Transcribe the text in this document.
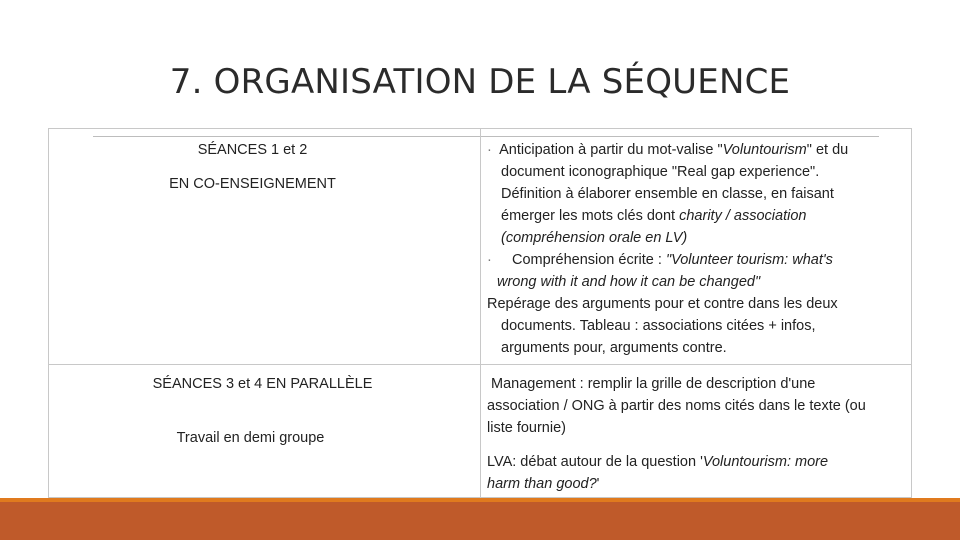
7. ORGANISATION DE LA SÉQUENCE
SÉANCES 1 et 2
EN CO-ENSEIGNEMENT

· Anticipation à partir du mot-valise "Voluntourism" et du

document iconographique "Real gap experience".

Définition à élaborer ensemble en classe, en faisant

émerger les mots clés dont charity / association

(compréhension orale en LV)

· Compréhension écrite : "Volunteer tourism: what's

wrong with it and how it can be changed"

Repérage des arguments pour et contre dans les deux

documents. Tableau : associations citées + infos,

arguments pour, arguments contre.

SÉANCES 3 et 4 EN PARALLÈLE
Travail en demi groupe

Management : remplir la grille de description d'une

association / ONG à partir des noms cités dans le texte (ou

liste fournie)

LVA: débat autour de la question 'Voluntourism: more

harm than good?'
